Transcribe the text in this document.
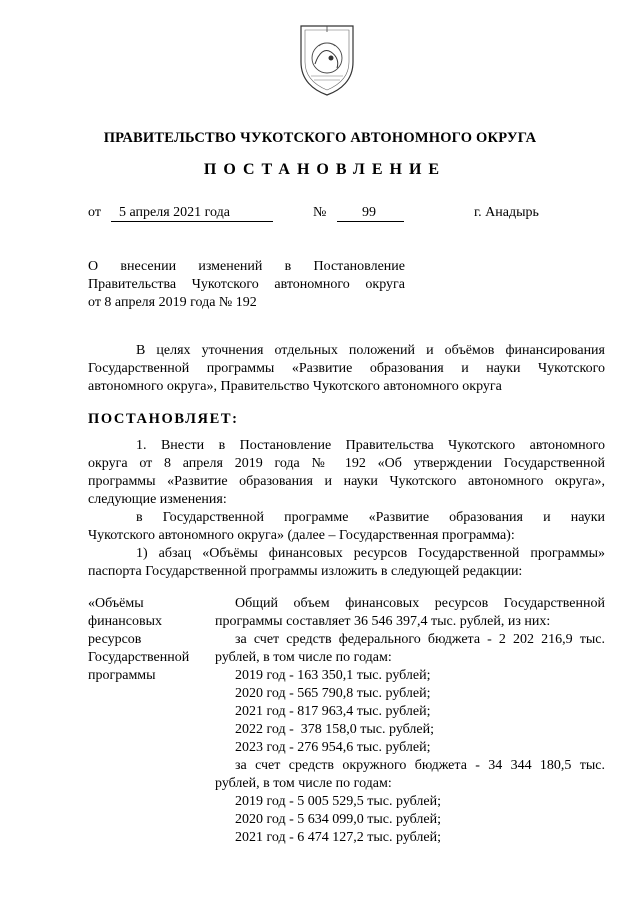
ПРАВИТЕЛЬСТВО ЧУКОТСКОГО АВТОНОМНОГО ОКРУГА
ПОСТАНОВЛЕНИЕ
от	5 апреля 2021 года	№	99	г. Анадырь
О внесении изменений в Постановление
Правительства Чукотского автономного округа
от 8 апреля 2019 года № 192
В целях уточнения отдельных положений и объёмов финансирования
Государственной программы «Развитие образования и науки Чукотского
автономного округа», Правительство Чукотского автономного округа
ПОСТАНОВЛЯЕТ:
1. Внести в Постановление Правительства Чукотского автономного
округа от 8 апреля 2019 года № 192 «Об утверждении Государственной
программы «Развитие образования и науки Чукотского автономного округа»,
следующие изменения:
в Государственной программе «Развитие образования и науки
Чукотского автономного округа» (далее – Государственная программа):
1) абзац «Объёмы финансовых ресурсов Государственной программы»
паспорта Государственной программы изложить в следующей редакции:
«Объёмы
финансовых
ресурсов
Государственной
программы
Общий объем финансовых ресурсов Государственной
программы составляет 36 546 397,4 тыс. рублей, из них:
за счет средств федерального бюджета - 2 202 216,9 тыс.
рублей, в том числе по годам:
2019 год - 163 350,1 тыс. рублей;
2020 год - 565 790,8 тыс. рублей;
2021 год - 817 963,4 тыс. рублей;
2022 год -  378 158,0 тыс. рублей;
2023 год - 276 954,6 тыс. рублей;
за счет средств окружного бюджета - 34 344 180,5 тыс.
рублей, в том числе по годам:
2019 год - 5 005 529,5 тыс. рублей;
2020 год - 5 634 099,0 тыс. рублей;
2021 год - 6 474 127,2 тыс. рублей;
